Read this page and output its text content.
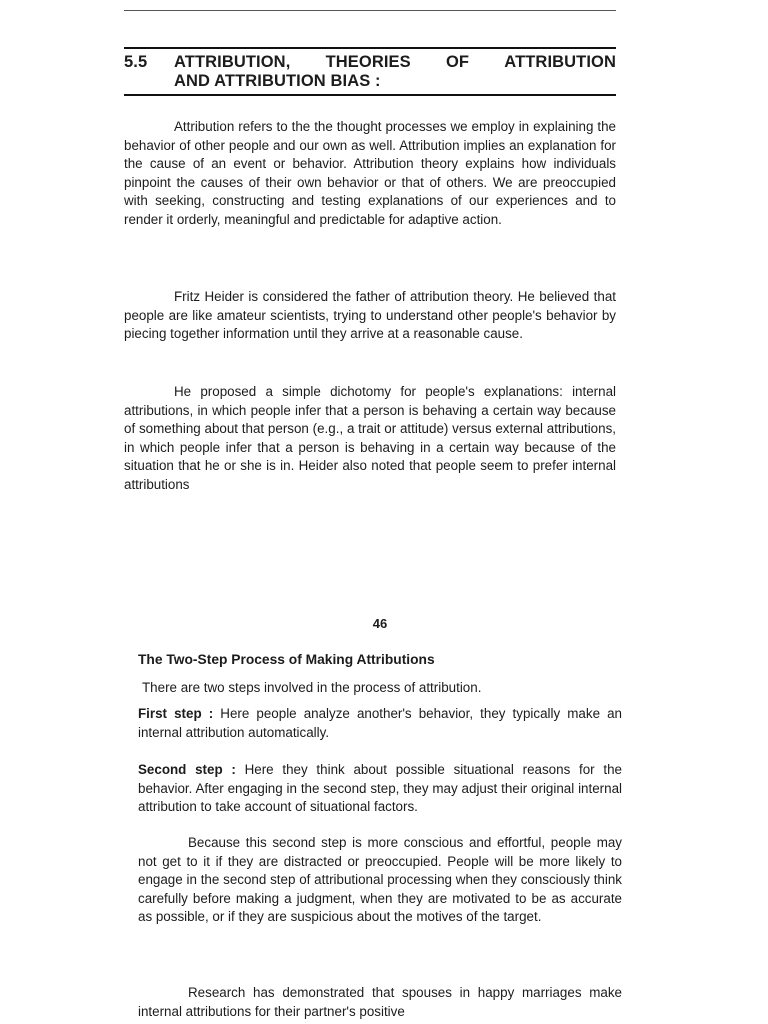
5.5	ATTRIBUTION, THEORIES OF ATTRIBUTION
AND ATTRIBUTION BIAS :

Attribution refers to the the thought processes we employ in explaining the behavior of other people and our own as well. Attribution implies an explanation for the cause of an event or behavior. Attribution theory explains how individuals pinpoint the causes of their own behavior or that of others. We are preoccupied with seeking, constructing and testing explanations of our experiences and to render it orderly, meaningful and predictable for adaptive action.

Fritz Heider is considered the father of attribution theory. He believed that people are like amateur scientists, trying to understand other people's behavior by piecing together information until they arrive at a reasonable cause.

He proposed a simple dichotomy for people's explanations: internal attributions, in which people infer that a person is behaving a certain way because of something about that person (e.g., a trait or attitude) versus external attributions, in which people infer that a person is behaving in a certain way because of the situation that he or she is in. Heider also noted that people seem to prefer internal attributions

46
The Two-Step Process of Making Attributions

There are two steps involved in the process of attribution.

First step : Here people analyze another's behavior, they typically make an internal attribution automatically.

Second step : Here they think about possible situational reasons for the behavior. After engaging in the second step, they may adjust their original internal attribution to take account of situational factors.

Because this second step is more conscious and effortful, people may not get to it if they are distracted or preoccupied. People will be more likely to engage in the second step of attributional processing when they consciously think carefully before making a judgment, when they are motivated to be as accurate as possible, or if they are suspicious about the motives of the target.

Research has demonstrated that spouses in happy marriages make internal attributions for their partner's positive
